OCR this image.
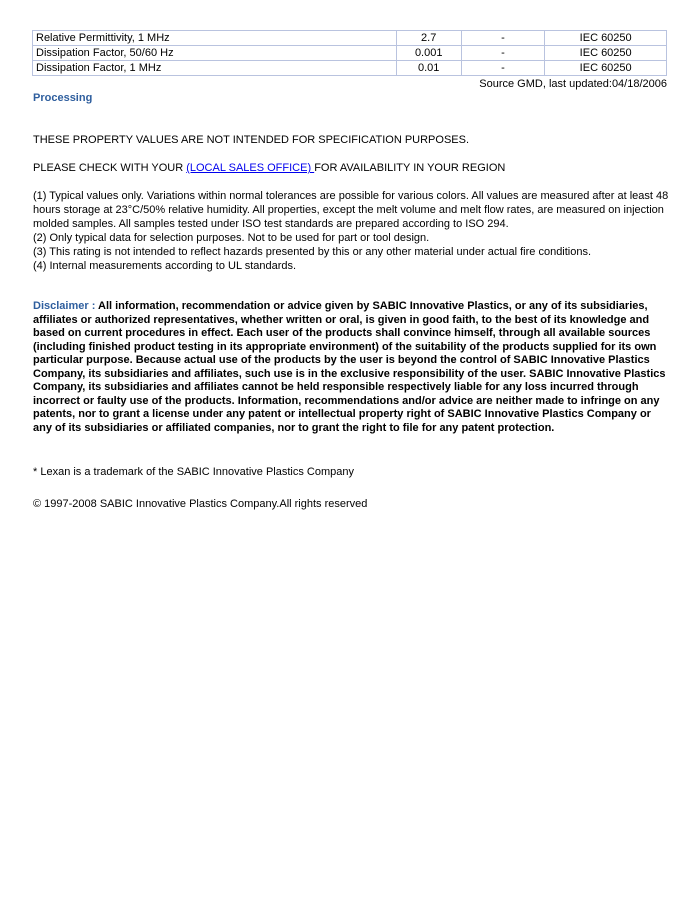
Relative Permittivity, 1 MHz	2.7	-	IEC 60250
Dissipation Factor, 50/60 Hz	0.001	-	IEC 60250
Dissipation Factor, 1 MHz	0.01	-	IEC 60250
Source GMD, last updated:04/18/2006
Processing
THESE PROPERTY VALUES ARE NOT INTENDED FOR SPECIFICATION PURPOSES.
PLEASE CHECK WITH YOUR (LOCAL SALES OFFICE) FOR AVAILABILITY IN YOUR REGION
(1) Typical values only. Variations within normal tolerances are possible for various colors. All values are measured after at least 48 hours storage at 23°C/50% relative humidity. All properties, except the melt volume and melt flow rates, are measured on injection molded samples. All samples tested under ISO test standards are prepared according to ISO 294.
(2) Only typical data for selection purposes. Not to be used for part or tool design.
(3) This rating is not intended to reflect hazards presented by this or any other material under actual fire conditions.
(4) Internal measurements according to UL standards.
Disclaimer : All information, recommendation or advice given by SABIC Innovative Plastics, or any of its subsidiaries, affiliates or authorized representatives, whether written or oral, is given in good faith, to the best of its knowledge and based on current procedures in effect. Each user of the products shall convince himself, through all available sources (including finished product testing in its appropriate environment) of the suitability of the products supplied for its own particular purpose. Because actual use of the products by the user is beyond the control of SABIC Innovative Plastics Company, its subsidiaries and affiliates, such use is in the exclusive responsibility of the user. SABIC Innovative Plastics Company, its subsidiaries and affiliates cannot be held responsible respectively liable for any loss incurred through incorrect or faulty use of the products. Information, recommendations and/or advice are neither made to infringe on any patents, nor to grant a license under any patent or intellectual property right of SABIC Innovative Plastics Company or any of its subsidiaries or affiliated companies, nor to grant the right to file for any patent protection.
* Lexan is a trademark of the SABIC Innovative Plastics Company
© 1997-2008 SABIC Innovative Plastics Company.All rights reserved
